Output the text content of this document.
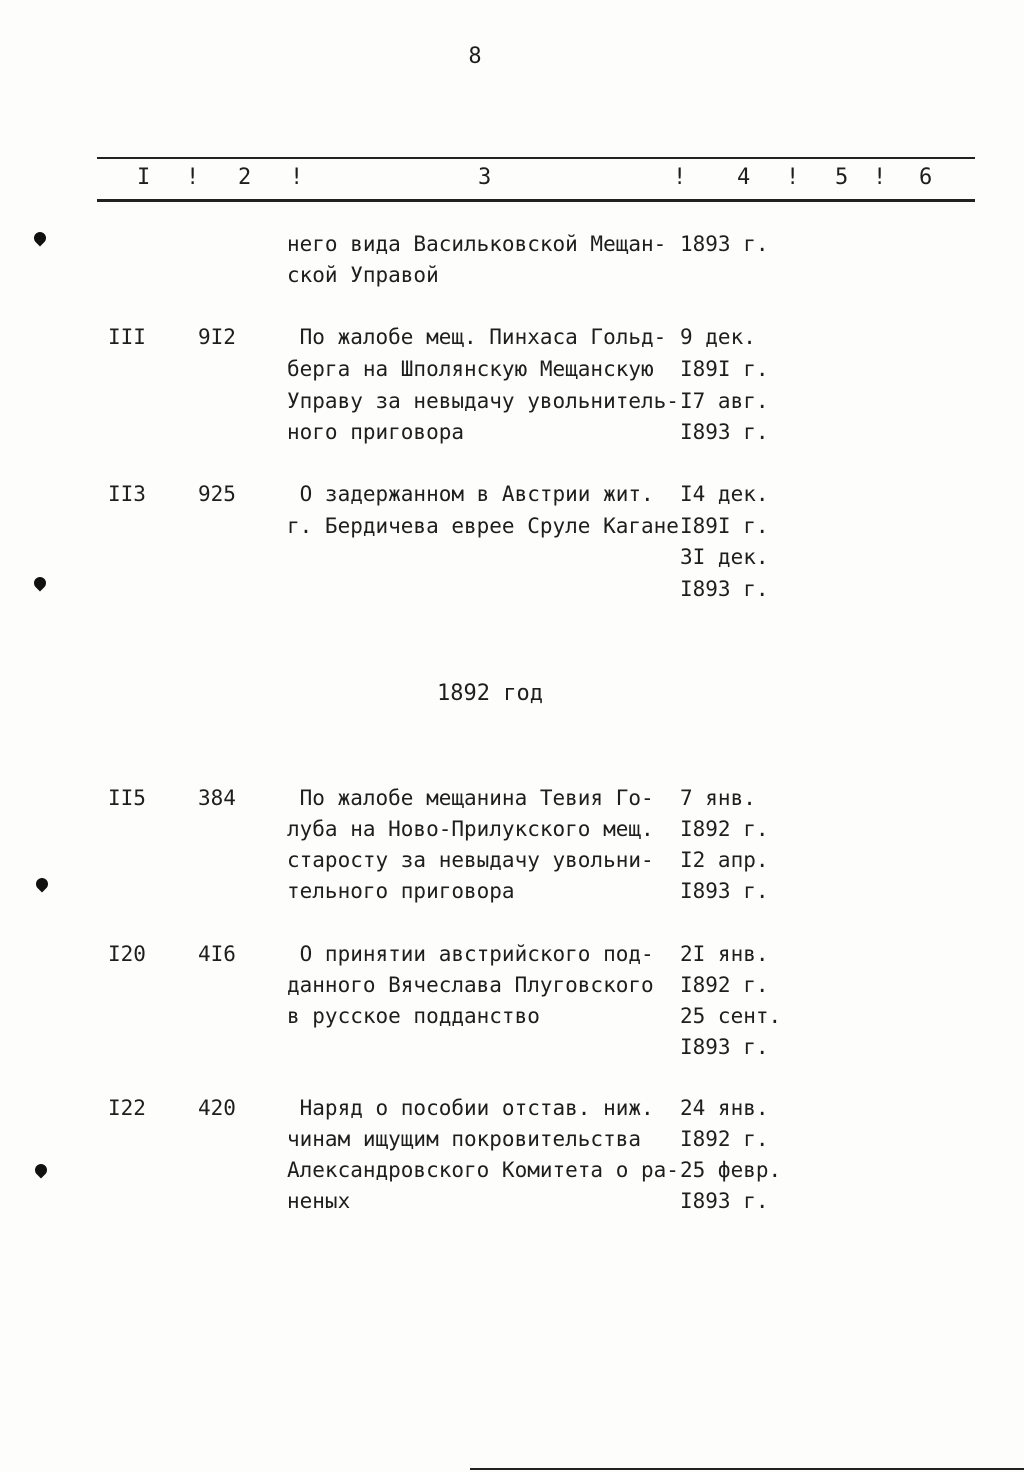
8
I ! 2 !	3	! 4 ! 5 ! 6
него вида Васильковской Мещан-
ской Управой
1893 г.
III 9I2 По жалобе мещ. Пинхаса Гольд-
берга на Шполянскую Мещанскую
Управу за невыдачу увольнитель-
ного приговора
9 дек.
I89I г.
I7 авг.
I893 г.
II3 925 О задержанном в Австрии жит.
г. Бердичева еврее Сруле Кагане
I4 дек.
I89I г.
3I дек.
I893 г.
1892 год
II5 384 По жалобе мещанина Тевия Го-
луба на Ново-Прилукского мещ.
старосту за невыдачу увольни-
тельного приговора
7 янв.
I892 г.
I2 апр.
I893 г.
I20 4I6 О принятии австрийского под-
данного Вячеслава Плуговского
в русское подданство
2I янв.
I892 г.
25 сент.
I893 г.
I22 420 Наряд о пособии отстав. ниж.
чинам ищущим покровительства
Александровского Комитета о ра-
неных
24 янв.
I892 г.
25 февр.
I893 г.
